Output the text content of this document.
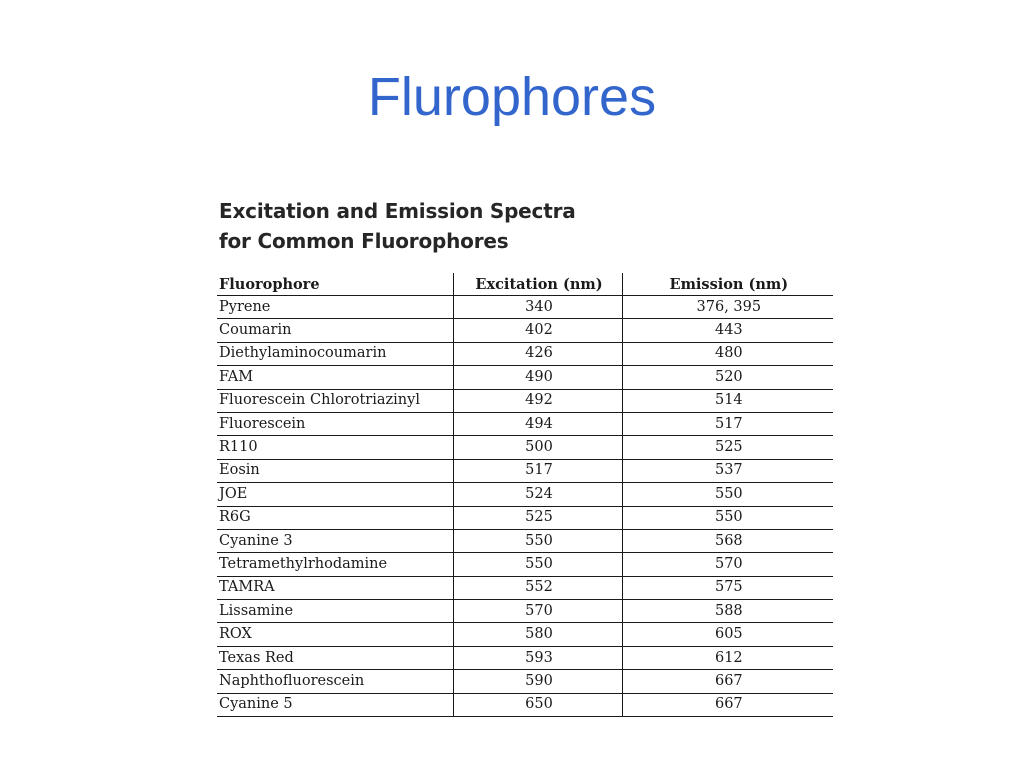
Flurophores
Excitation and Emission Spectra
for Common Fluorophores
Fluorophore	Excitation (nm)	Emission (nm)
Pyrene	340	376, 395
Coumarin	402	443
Diethylaminocoumarin	426	480
FAM	490	520
Fluorescein Chlorotriazinyl	492	514
Fluorescein	494	517
R110	500	525
Eosin	517	537
JOE	524	550
R6G	525	550
Cyanine 3	550	568
Tetramethylrhodamine	550	570
TAMRA	552	575
Lissamine	570	588
ROX	580	605
Texas Red	593	612
Naphthofluorescein	590	667
Cyanine 5	650	667
